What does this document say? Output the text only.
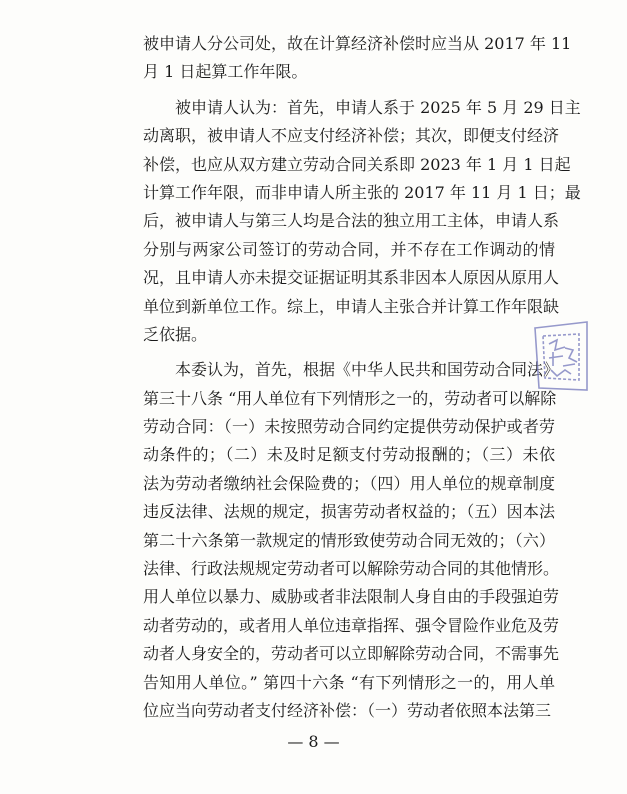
被申请人分公司处，故在计算经济补偿时应当从 2017 年 11
月 1 日起算工作年限。
被申请人认为：首先，申请人系于 2025 年 5 月 29 日主
动离职，被申请人不应支付经济补偿；其次，即便支付经济
补偿，也应从双方建立劳动合同关系即 2023 年 1 月 1 日起
计算工作年限，而非申请人所主张的 2017 年 11 月 1 日；最
后，被申请人与第三人均是合法的独立用工主体，申请人系
分别与两家公司签订的劳动合同，并不存在工作调动的情
况，且申请人亦未提交证据证明其系非因本人原因从原用人
单位到新单位工作。综上，申请人主张合并计算工作年限缺
乏依据。
本委认为，首先，根据《中华人民共和国劳动合同法》
第三十八条 “用人单位有下列情形之一的，劳动者可以解除
劳动合同：（一）未按照劳动合同约定提供劳动保护或者劳
动条件的；（二）未及时足额支付劳动报酬的；（三）未依
法为劳动者缴纳社会保险费的；（四）用人单位的规章制度
违反法律、法规的规定，损害劳动者权益的；（五）因本法
第二十六条第一款规定的情形致使劳动合同无效的；（六）
法律、行政法规规定劳动者可以解除劳动合同的其他情形。
用人单位以暴力、威胁或者非法限制人身自由的手段强迫劳
动者劳动的，或者用人单位违章指挥、强令冒险作业危及劳
动者人身安全的，劳动者可以立即解除劳动合同，不需事先
告知用人单位。” 第四十六条 “有下列情形之一的，用人单
位应当向劳动者支付经济补偿：（一）劳动者依照本法第三
— 8 —
